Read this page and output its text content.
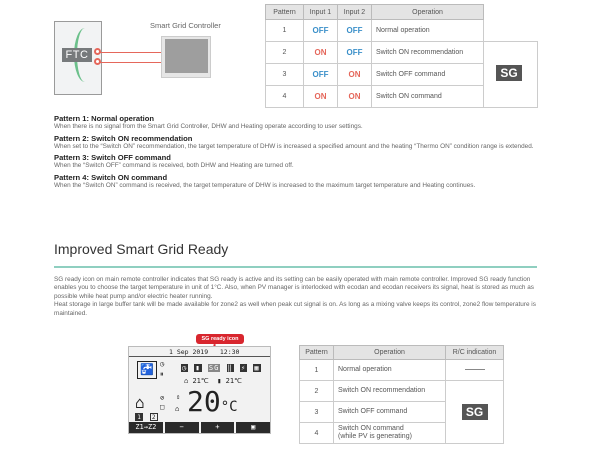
FTC
Smart Grid Controller
Pattern	Input 1	Input 2	Operation
1	OFF	OFF	Normal operation
2	ON	OFF	Switch ON recommendation
3	OFF	ON	Switch OFF command
4	ON	ON	Switch ON command
SG
Pattern 1: Normal operation
When there is no signal from the Smart Grid Controller, DHW and Heating operate according to user settings.
Pattern 2: Switch ON recommendation
When set to the “Switch ON” recommendation, the target temperature of DHW is increased a specified amount and the heating “Thermo ON” condition range is extended.
Pattern 3: Switch OFF command
When the “Switch OFF” command is received, both DHW and Heating are turned off.
Pattern 4: Switch ON command
When the “Switch ON” command is received, the target temperature of DHW is increased to the maximum target temperature and Heating continues.
Improved Smart Grid Ready
SG ready icon on main remote controller indicates that SG ready is active and its setting can be easily operated with main remote controller. Improved SG ready function enables you to choose the target temperature in unit of 1°C. Also, when PV manager is interlocked with ecodan and ecodan receivers its signal, heat is stored as much as possible while heat pump and/or electric heater running.
Heat storage in large buffer tank will be made available for zone2 as well when peak cut signal is on. As long as a mixing valve keeps its control, zone2 flow temperature is maintained.
SG ready icon
1 Sep 2019 12:30
🚰 ◷
⏸
⌂ ⊘
□
1 2
◷ ▮ SG ‖ ⚡ ▦
⌂ 21℃ ▮ 21℃
20°C
⇕
⌂
Z1→Z2	−	+	▣
Pattern	Operation	R/C indication
1	Normal operation	
2	Switch ON recommendation	SG
3	Switch OFF command	
4	Switch ON command
(while PV is generating)	
